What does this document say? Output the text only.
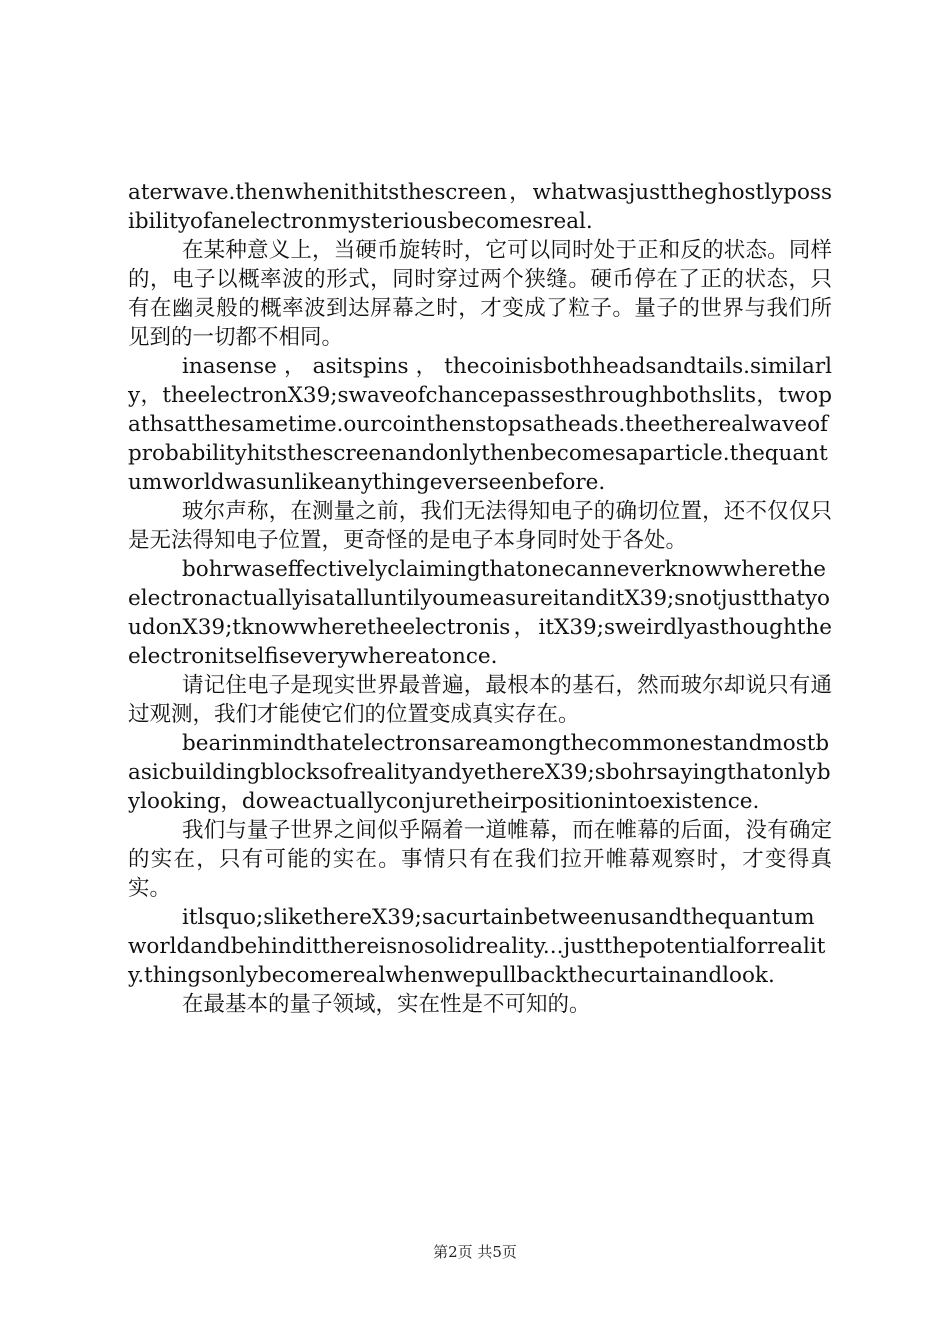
aterwave.thenwhenithitsthescreen，whatwasjusttheghostlypossibilityofanelectronmysteriousbecomesreal.

在某种意义上，当硬币旋转时，它可以同时处于正和反的状态。同样的，电子以概率波的形式，同时穿过两个狭缝。硬币停在了正的状态，只有在幽灵般的概率波到达屏幕之时，才变成了粒子。量子的世界与我们所见到的一切都不相同。

inasense，asitspins，thecoinisbothheadsandtails.similarly，theelectronX39;swaveofchancepassesthroughbothslits，twopathsatthesametime.ourcointhenstopsatheads.theetherealwaveofprobabilityhitsthescreenandonlythenbecomesaparticle.thequantumworldwasunlikeanythingeverseenbefore.

玻尔声称，在测量之前，我们无法得知电子的确切位置，还不仅仅只是无法得知电子位置，更奇怪的是电子本身同时处于各处。

bohrwaseffectivelyclaimingthatonecanneverknowwheretheelectronactuallyisatalluntilyoumeasureitanditX39;snotjustthatyoudonX39;tknowwheretheelectronis，itX39;sweirdlyasthoughtheelectronitselfiseverywhereatonce.

请记住电子是现实世界最普遍，最根本的基石，然而玻尔却说只有通过观测，我们才能使它们的位置变成真实存在。

bearinmindthatelectronsareamongthecommonestandmostbasicbuildingblocksofrealityandyethereX39;sbohrsayingthatonlybylooking，doweactuallyconjuretheirpositionintoexistence.

我们与量子世界之间似乎隔着一道帷幕，而在帷幕的后面，没有确定的实在，只有可能的实在。事情只有在我们拉开帷幕观察时，才变得真实。

itlsquo;slikethereX39;sacurtainbetweenusandthequantumworldandbehinditthereisnosolidreality...justthepotentialforreality.thingsonlybecomerealwhenwepullbackthecurtainandlook.

在最基本的量子领域，实在性是不可知的。

第2页 共5页
